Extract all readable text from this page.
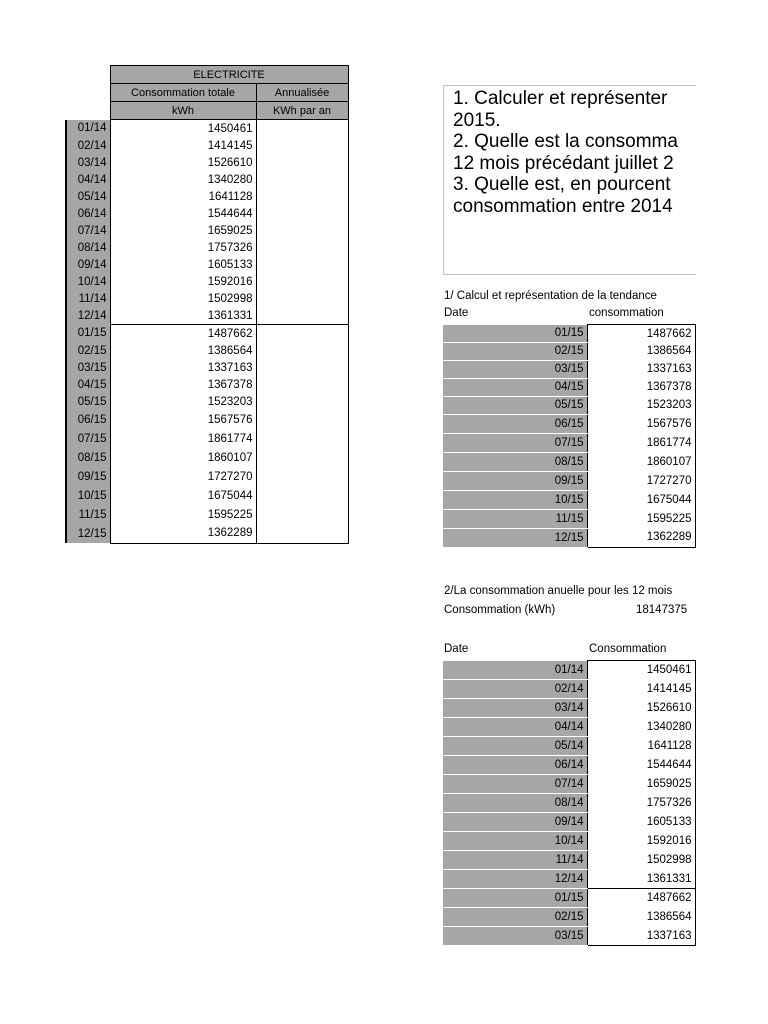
	ELECTRICITE	
	Consommation totale	Annualisée
	kWh	KWh par an
01/14	1450461	
02/14	1414145	
03/14	1526610	
04/14	1340280	
05/14	1641128	
06/14	1544644	
07/14	1659025	
08/14	1757326	
09/14	1605133	
10/14	1592016	
11/14	1502998	
12/14	1361331	
01/15	1487662	
02/15	1386564	
03/15	1337163	
04/15	1367378	
05/15	1523203	
06/15	1567576	
07/15	1861774	
08/15	1860107	
09/15	1727270	
10/15	1675044	
11/15	1595225	
12/15	1362289	
1. Calculer et représenter
2015.
2. Quelle est la consomma
12 mois précédant juillet 2
3. Quelle est, en pourcent
consommation entre 2014
1/ Calcul et représentation de la tendance
Date	consommation
01/15	1487662
02/15	1386564
03/15	1337163
04/15	1367378
05/15	1523203
06/15	1567576
07/15	1861774
08/15	1860107
09/15	1727270
10/15	1675044
11/15	1595225
12/15	1362289
2/La consommation anuelle pour les 12 mois
Consommation (kWh)	18147375
Date	Consommation
01/14	1450461
02/14	1414145
03/14	1526610
04/14	1340280
05/14	1641128
06/14	1544644
07/14	1659025
08/14	1757326
09/14	1605133
10/14	1592016
11/14	1502998
12/14	1361331
01/15	1487662
02/15	1386564
03/15	1337163
